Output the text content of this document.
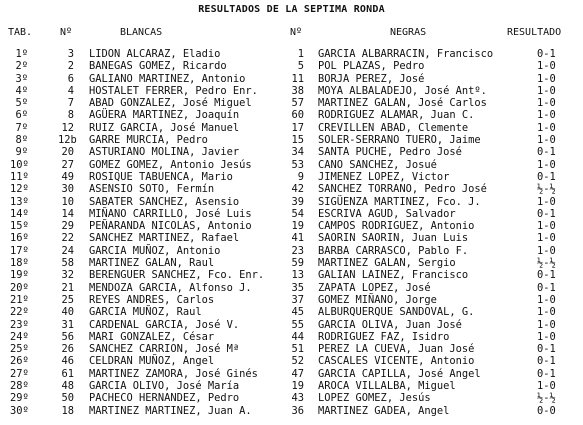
RESULTADOS DE LA SEPTIMA RONDA
TAB.	Nº	BLANCAS	Nº	NEGRAS	RESULTADO
1º	3 LIDON ALCARAZ, Eladio	1 GARCIA ALBARRACIN, Francisco	0-1
2º	2 BANEGAS GOMEZ, Ricardo	5 POL PLAZAS, Pedro	1-0
3º	6 GALIANO MARTINEZ, Antonio	11 BORJA PEREZ, José	1-0
4º	4 HOSTALET FERRER, Pedro Enr.	38 MOYA ALBALADEJO, José Antº.	1-0
5º	7 ABAD GONZALEZ, José Miguel	57 MARTINEZ GALAN, José Carlos	1-0
6º	8 AGÜERA MARTINEZ, Joaquín	60 RODRIGUEZ ALAMAR, Juan C.	1-0
7º	12 RUIZ GARCIA, José Manuel	17 CREVILLEN ABAD, Clemente	1-0
8º	12b GARRE MURCIA, Pedro	15 SOLER-SERRANO TUERO, Jaime	1-0
9º	20 ASTURIANO MOLINA, Javier	34 SANTA PUCHE, Pedro José	0-1
10º	27 GOMEZ GOMEZ, Antonio Jesús	53 CANO SANCHEZ, Josué	1-0
11º	49 ROSIQUE TABUENCA, Mario	9 JIMENEZ LOPEZ, Victor	0-1
12º	30 ASENSIO SOTO, Fermín	42 SANCHEZ TORRANO, Pedro José	½-½
13º	10 SABATER SANCHEZ, Asensio	39 SIGÜENZA MARTINEZ, Fco. J.	1-0
14º	14 MIÑANO CARRILLO, José Luis	54 ESCRIVA AGUD, Salvador	0-1
15º	29 PEÑARANDA NICOLAS, Antonio	19 CAMPOS RODRIGUEZ, Antonio	1-0
16º	22 SANCHEZ MARTINEZ, Rafael	41 SAORIN SAORIN, Juan Luis	1-0
17º	24 GARCIA MUÑOZ, Antonio	23 BARBA CARRASCO, Pablo F.	1-0
18º	58 MARTINEZ GALAN, Raul	59 MARTINEZ GALAN, Sergio	½-½
19º	32 BERENGUER SANCHEZ, Fco. Enr.	13 GALIAN LAINEZ, Francisco	0-1
20º	21 MENDOZA GARCIA, Alfonso J.	35 ZAPATA LOPEZ, José	0-1
21º	25 REYES ANDRES, Carlos	37 GOMEZ MIÑANO, Jorge	1-0
22º	40 GARCIA MUÑOZ, Raul	45 ALBURQUERQUE SANDOVAL, G.	1-0
23º	31 CARDENAL GARCIA, José V.	55 GARCIA OLIVA, Juan José	1-0
24º	56 MARI GONZALEZ, César	44 RODRIGUEZ FAZ, Isidro	1-0
25º	26 SANCHEZ CARRION, José Mª	51 PEREZ LA CUEVA, Juan José	0-1
26º	46 CELDRAN MUÑOZ, Angel	52 CASCALES VICENTE, Antonio	0-1
27º	61 MARTINEZ ZAMORA, José Ginés	47 GARCIA CAPILLA, José Angel	0-1
28º	48 GARCIA OLIVO, José María	19 AROCA VILLALBA, Miguel	1-0
29º	50 PACHECO HERNANDEZ, Pedro	43 LOPEZ GOMEZ, Jesús	½-½
30º	18 MARTINEZ MARTINEZ, Juan A.	36 MARTINEZ GADEA, Angel	0-0
